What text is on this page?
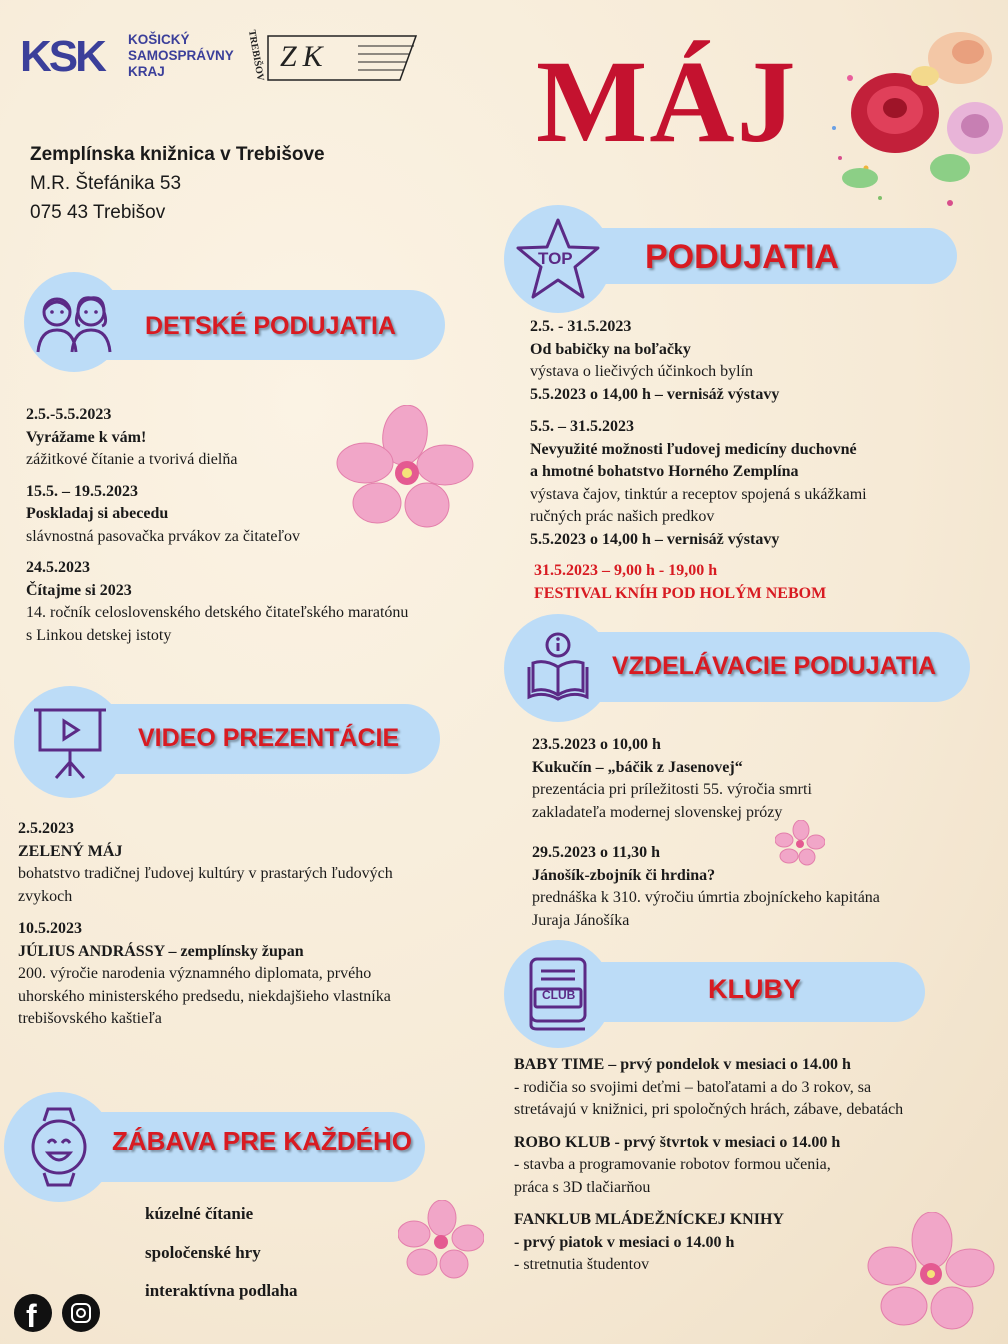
KSK KOŠICKÝ
SAMOSPRÁVNY
KRAJ	ZK
TREBIŠOV MÁJ
Zemplínska knižnica v Trebišove
M.R. Štefánika 53
075 43 Trebišov
DETSKÉ PODUJATIA
2.5.-5.5.2023
Vyrážame k vám!
zážitkové čítanie a tvorivá dielňa
15.5. – 19.5.2023
Poskladaj si abecedu
slávnostná pasovačka prvákov za čitateľov
24.5.2023
Čítajme si 2023
14. ročník celoslovenského detského čitateľského maratónu
s Linkou detskej istoty
VIDEO PREZENTÁCIE
2.5.2023
ZELENÝ MÁJ
bohatstvo tradičnej ľudovej kultúry v prastarých ľudových
zvykoch
10.5.2023
JÚLIUS ANDRÁSSY – zemplínsky župan
200. výročie narodenia významného diplomata, prvého
uhorského ministerského predsedu, niekdajšieho vlastníka
trebišovského kaštieľa
ZÁBAVA PRE KAŽDÉHO
kúzelné čítanie
spoločenské hry
interaktívna podlaha
f
TOP PODUJATIA
2.5. - 31.5.2023
Od babičky na boľačky
výstava o liečivých účinkoch bylín
5.5.2023 o 14,00 h – vernisáž výstavy
5.5. – 31.5.2023
Nevyužité možnosti ľudovej medicíny duchovné
a hmotné bohatstvo Horného Zemplína
výstava čajov, tinktúr a receptov spojená s ukážkami
ručných prác našich predkov
5.5.2023 o 14,00 h – vernisáž výstavy
31.5.2023 – 9,00 h - 19,00 h
FESTIVAL KNÍH POD HOLÝM NEBOM
VZDELÁVACIE PODUJATIA
23.5.2023 o 10,00 h
Kukučín – „báčik z Jasenovej“
prezentácia pri príležitosti 55. výročia smrti
zakladateľa modernej slovenskej prózy
29.5.2023 o 11,30 h
Jánošík-zbojník či hrdina?
prednáška k 310. výročiu úmrtia zbojníckeho kapitána
Juraja Jánošíka
CLUB	KLUBY
BABY TIME – prvý pondelok v mesiaci o 14.00 h
- rodičia so svojimi deťmi – batoľatami a do 3 rokov, sa
stretávajú v knižnici, pri spoločných hrách, zábave, debatách
ROBO KLUB - prvý štvrtok v mesiaci o 14.00 h
- stavba a programovanie robotov formou učenia,
práca s 3D tlačiarňou
FANKLUB MLÁDEŽNÍCKEJ KNIHY
- prvý piatok v mesiaci o 14.00 h
- stretnutia študentov
